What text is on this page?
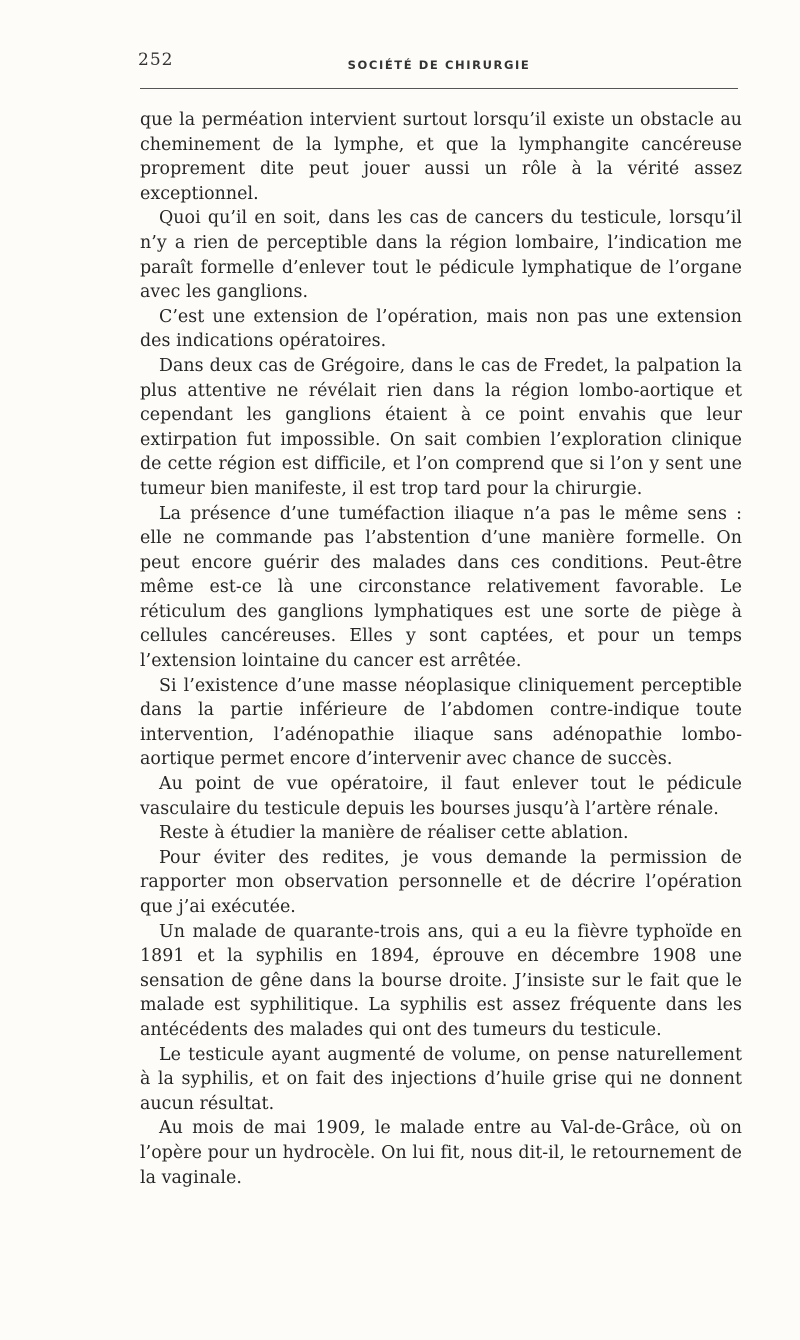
252	SOCIÉTÉ DE CHIRURGIE

que la perméation intervient surtout lorsqu’il existe un obstacle au cheminement de la lymphe, et que la lymphangite cancéreuse proprement dite peut jouer aussi un rôle à la vérité assez exceptionnel.

Quoi qu’il en soit, dans les cas de cancers du testicule, lorsqu’il n’y a rien de perceptible dans la région lombaire, l’indication me paraît formelle d’enlever tout le pédicule lymphatique de l’organe avec les ganglions.

C’est une extension de l’opération, mais non pas une extension des indications opératoires.

Dans deux cas de Grégoire, dans le cas de Fredet, la palpation la plus attentive ne révélait rien dans la région lombo-aortique et cependant les ganglions étaient à ce point envahis que leur extirpation fut impossible. On sait combien l’exploration clinique de cette région est difficile, et l’on comprend que si l’on y sent une tumeur bien manifeste, il est trop tard pour la chirurgie.

La présence d’une tuméfaction iliaque n’a pas le même sens : elle ne commande pas l’abstention d’une manière formelle. On peut encore guérir des malades dans ces conditions. Peut-être même est-ce là une circonstance relativement favorable. Le réticulum des ganglions lymphatiques est une sorte de piège à cellules cancéreuses. Elles y sont captées, et pour un temps l’extension lointaine du cancer est arrêtée.

Si l’existence d’une masse néoplasique cliniquement perceptible dans la partie inférieure de l’abdomen contre-indique toute intervention, l’adénopathie iliaque sans adénopathie lombo-aortique permet encore d’intervenir avec chance de succès.

Au point de vue opératoire, il faut enlever tout le pédicule vasculaire du testicule depuis les bourses jusqu’à l’artère rénale.

Reste à étudier la manière de réaliser cette ablation.

Pour éviter des redites, je vous demande la permission de rapporter mon observation personnelle et de décrire l’opération que j’ai exécutée.

Un malade de quarante-trois ans, qui a eu la fièvre typhoïde en 1891 et la syphilis en 1894, éprouve en décembre 1908 une sensation de gêne dans la bourse droite. J’insiste sur le fait que le malade est syphilitique. La syphilis est assez fréquente dans les antécédents des malades qui ont des tumeurs du testicule.

Le testicule ayant augmenté de volume, on pense naturellement à la syphilis, et on fait des injections d’huile grise qui ne donnent aucun résultat.

Au mois de mai 1909, le malade entre au Val-de-Grâce, où on l’opère pour un hydrocèle. On lui fit, nous dit-il, le retournement de la vaginale.
